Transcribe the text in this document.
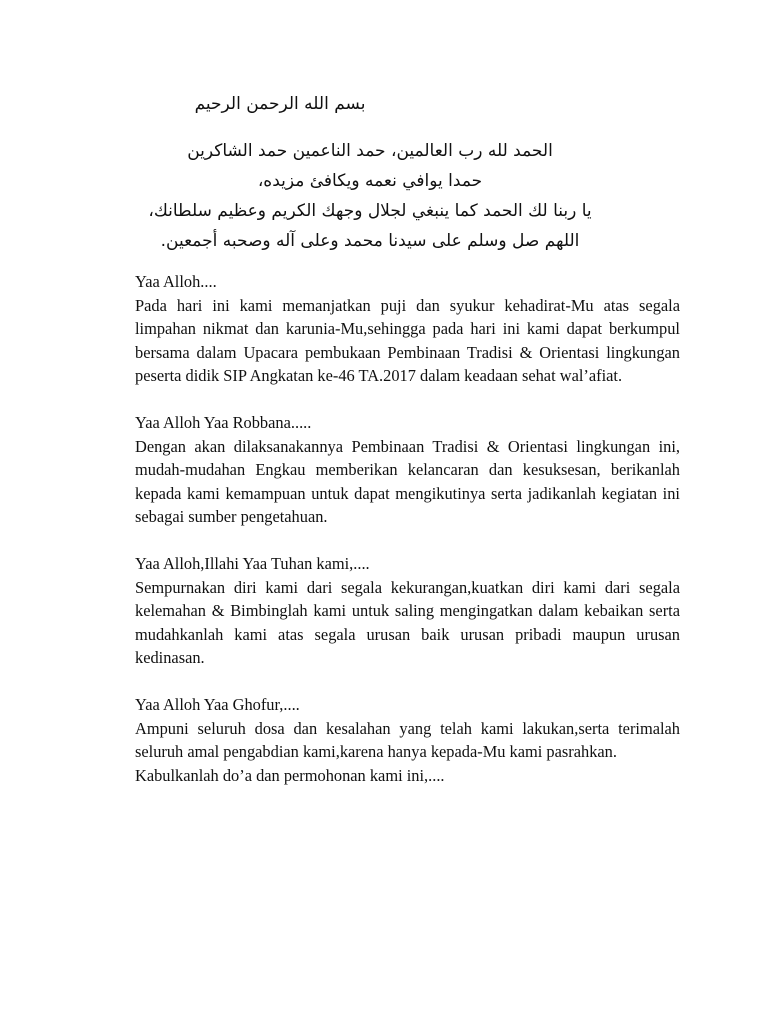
بسم الله الرحمن الرحيم

الحمد لله رب العالمين، حمد الناعمين حمد الشاكرين
حمدا يوافي نعمه ويكافئ مزيده،
يا ربنا لك الحمد كما ينبغي لجلال وجهك الكريم وعظيم سلطانك،
اللهم صل وسلم على سيدنا محمد وعلى آله وصحبه أجمعين.

Yaa Alloh....

Pada hari ini kami memanjatkan puji dan syukur kehadirat-Mu atas segala limpahan nikmat dan karunia-Mu,sehingga pada hari ini kami dapat berkumpul bersama dalam Upacara pembukaan Pembinaan Tradisi & Orientasi lingkungan peserta didik SIP Angkatan ke-46 TA.2017 dalam keadaan sehat wal’afiat.

Yaa Alloh Yaa Robbana.....

Dengan akan dilaksanakannya Pembinaan Tradisi & Orientasi lingkungan ini, mudah-mudahan Engkau memberikan kelancaran dan kesuksesan, berikanlah kepada kami kemampuan untuk dapat mengikutinya serta jadikanlah kegiatan ini sebagai sumber pengetahuan.

Yaa Alloh,Illahi Yaa Tuhan kami,....

Sempurnakan diri kami dari segala kekurangan,kuatkan diri kami dari segala kelemahan & Bimbinglah kami untuk saling mengingatkan dalam kebaikan serta mudahkanlah kami atas segala urusan baik urusan pribadi maupun urusan kedinasan.

Yaa Alloh Yaa Ghofur,....

Ampuni seluruh dosa dan kesalahan yang telah kami lakukan,serta terimalah seluruh amal pengabdian kami,karena hanya kepada-Mu kami pasrahkan.

Kabulkanlah do’a dan permohonan kami ini,....
